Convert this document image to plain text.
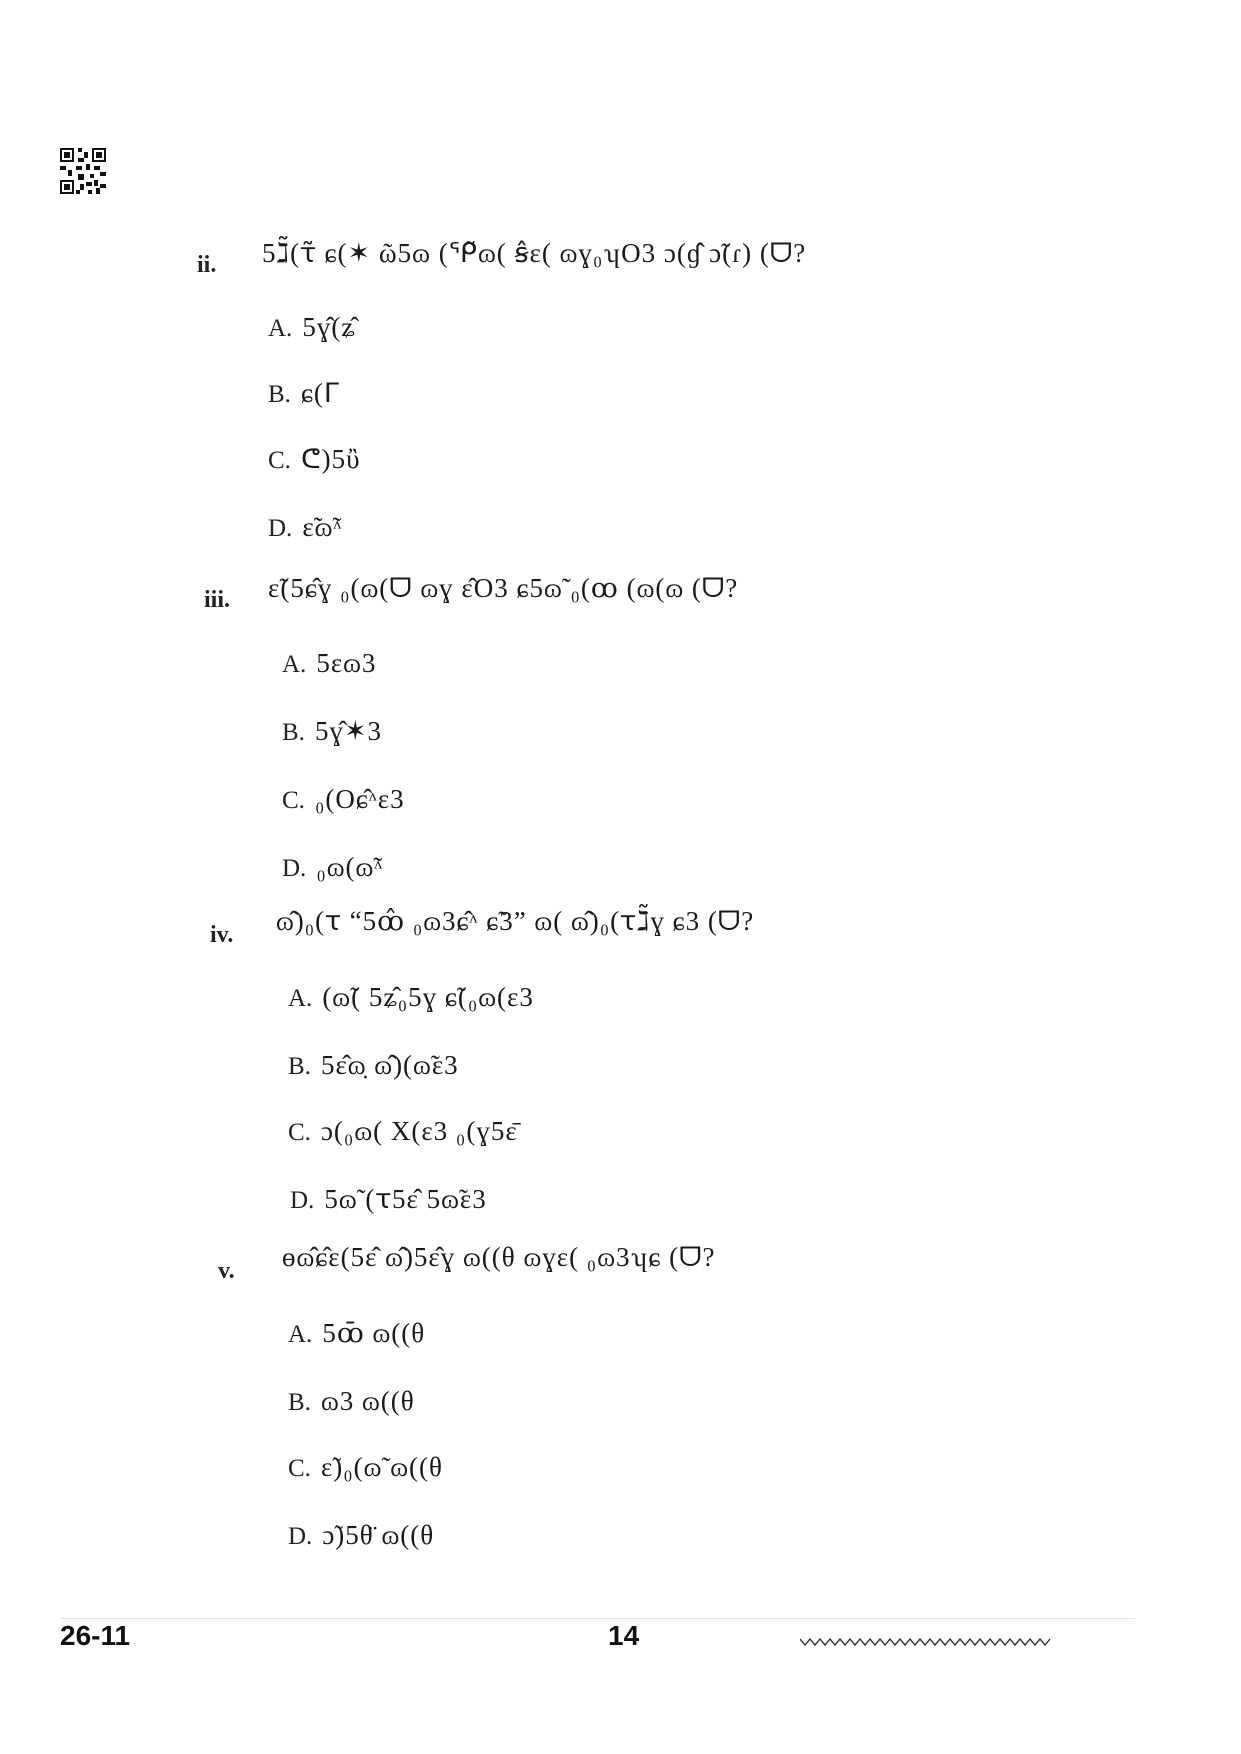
ii. 5ℷ̃(ꚍ̃ ɕ(✶ ῶ5ɷ (ᕿ̃ɷ( ꞩ̂ɛ( ɷɣ₀ʮO3 ɔ(ɠ̂ ɔ̃(ɾ) (ᗜ?
A. 5ɣ̂(ʑ̂
B. ɕ(ᒥ
C. ᕦ)5ὒ
D. ɛ̃ɷ̃ᶺ
iii. ɛ̃(5ɕ̂ɣ ₀(ɷ(ᗜ ɷɣ ɛ̂O3 ɕ5ɷ̃ ₀(ꝏ (ɷ(ɷ (ᗜ?
A. 5ɛɷ3
B. 5ɣ̂✶3
C. ₀(Oɕ̂ᶺɛ3
D. ₀ɷ(ɷ̃ᶺ
iv. ɷ̂)₀(ꚍ “5ꝏ̂ ₀ɷ3ɕ̂ᶺ ɕ̃3” ɷ( ɷ̂)₀(ꚍℷ̃ɣ ɕ3 (ᗜ?
A. (ɷ̃( 5ʑ̂₀5ɣ ɕ̃(₀ɷ(ɛ3
B. 5ɛ̂ɷ̣ ɷ̂)(ɷ̃ɛ3
C. ɔ(₀ɷ( X(ɛ3 ₀(ɣ5ɛ̄
D. 5ɷ̃ (ꚍ5ɛ̂ 5ɷ̃ɛ3
v. ɵɷ̂ɕ̂ɛ(5ɛ̂ ɷ̂)5ɛ̂ɣ ɷ((θ ɷɣɛ( ₀ɷ3ʮɕ (ᗜ?
A. 5ꝏ̄ ɷ((θ
B. ɷ3 ɷ((θ
C. ɛ̃)₀(ɷ̃ ɷ((θ
D. ɔ̃)5θ̈ ɷ((θ
26-11	14
